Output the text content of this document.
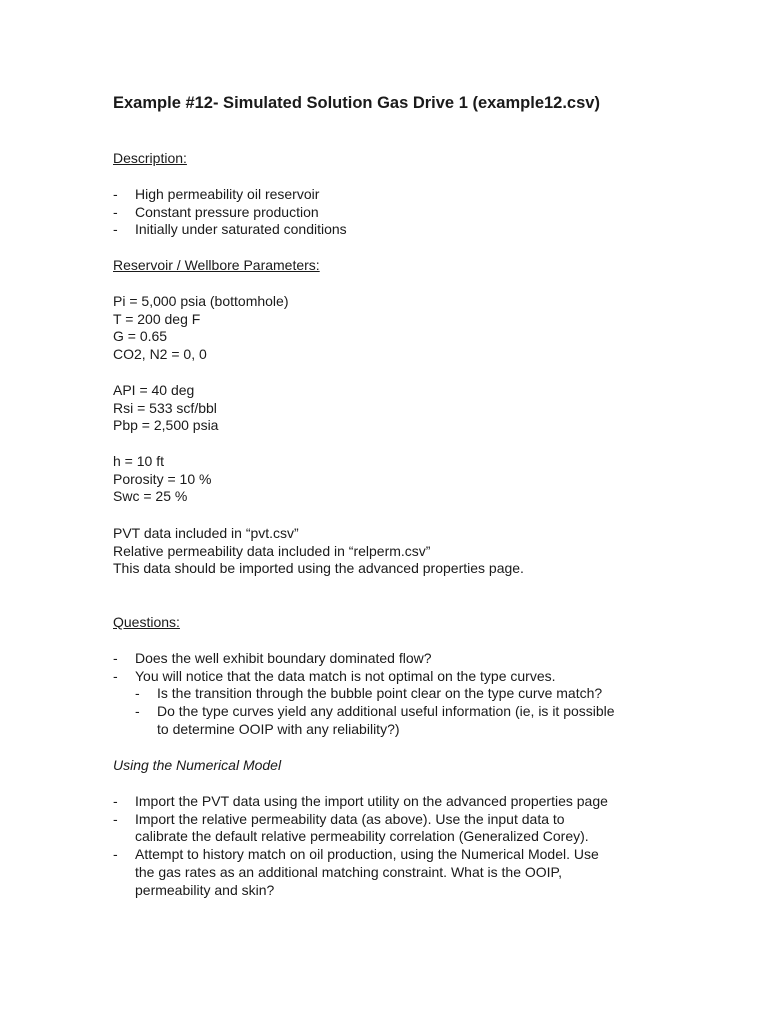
Example #12- Simulated Solution Gas Drive 1 (example12.csv)

Description:

- High permeability oil reservoir
- Constant pressure production
- Initially under saturated conditions

Reservoir / Wellbore Parameters:

Pi = 5,000 psia (bottomhole)
T = 200 deg F
G = 0.65
CO2, N2 = 0, 0
API = 40 deg
Rsi = 533 scf/bbl
Pbp = 2,500 psia
h = 10 ft
Porosity = 10 %
Swc = 25 %
PVT data included in “pvt.csv”
Relative permeability data included in “relperm.csv”
This data should be imported using the advanced properties page.

Questions:

- Does the well exhibit boundary dominated flow?
- You will notice that the data match is not optimal on the type curves.
- Is the transition through the bubble point clear on the type curve match?
- Do the type curves yield any additional useful information (ie, is it possible
to determine OOIP with any reliability?)

Using the Numerical Model

- Import the PVT data using the import utility on the advanced properties page
- Import the relative permeability data (as above). Use the input data to
calibrate the default relative permeability correlation (Generalized Corey).
- Attempt to history match on oil production, using the Numerical Model. Use
the gas rates as an additional matching constraint. What is the OOIP,
permeability and skin?
